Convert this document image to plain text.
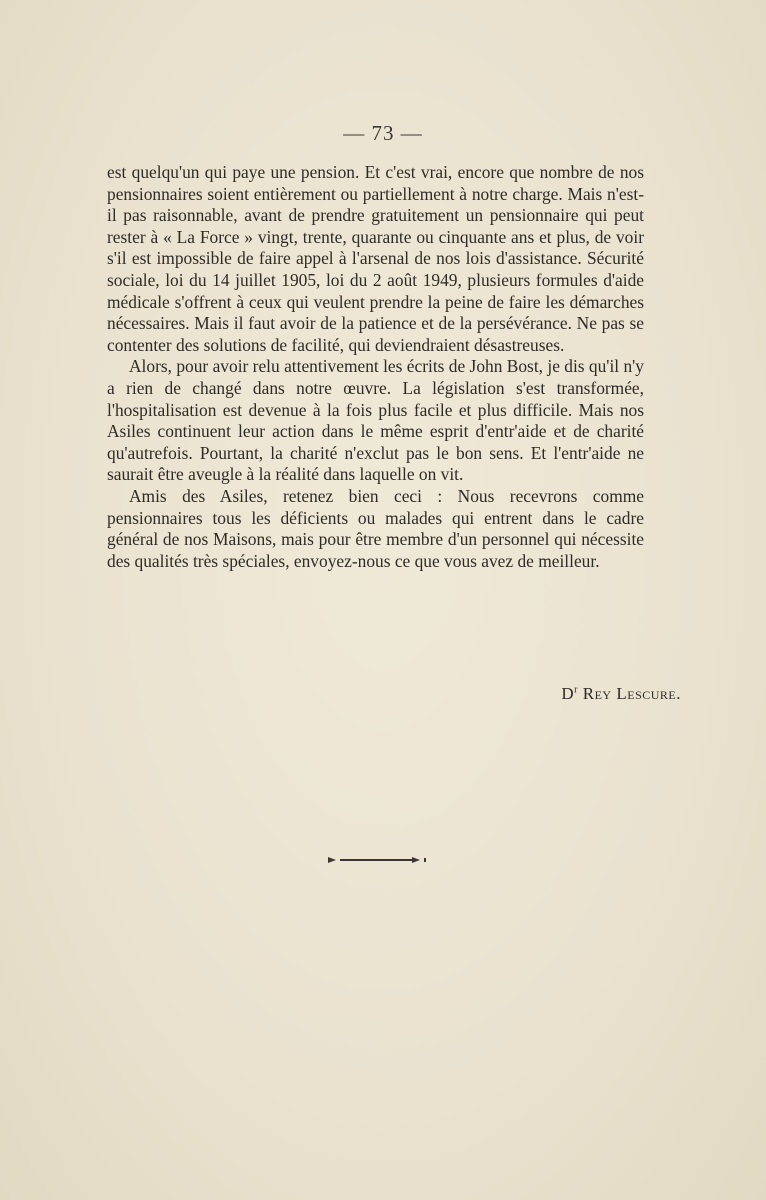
— 73 —

est quelqu'un qui paye une pension. Et c'est vrai, encore que nombre de nos pensionnaires soient entièrement ou partiellement à notre charge. Mais n'est-il pas raisonnable, avant de prendre gratuitement un pensionnaire qui peut rester à « La Force » vingt, trente, quarante ou cinquante ans et plus, de voir s'il est impossible de faire appel à l'arsenal de nos lois d'assistance. Sécurité sociale, loi du 14 juillet 1905, loi du 2 août 1949, plusieurs formules d'aide médicale s'offrent à ceux qui veulent prendre la peine de faire les démarches nécessaires. Mais il faut avoir de la patience et de la persévérance. Ne pas se contenter des solutions de facilité, qui deviendraient désastreuses.

Alors, pour avoir relu attentivement les écrits de John Bost, je dis qu'il n'y a rien de changé dans notre œuvre. La législation s'est transformée, l'hospitalisation est devenue à la fois plus facile et plus difficile. Mais nos Asiles continuent leur action dans le même esprit d'entr'aide et de charité qu'autrefois. Pourtant, la charité n'exclut pas le bon sens. Et l'entr'aide ne saurait être aveugle à la réalité dans laquelle on vit.

Amis des Asiles, retenez bien ceci : Nous recevrons comme pensionnaires tous les déficients ou malades qui entrent dans le cadre général de nos Maisons, mais pour être membre d'un personnel qui nécessite des qualités très spéciales, envoyez-nous ce que vous avez de meilleur.

$D^r$ Rey Lescure.
